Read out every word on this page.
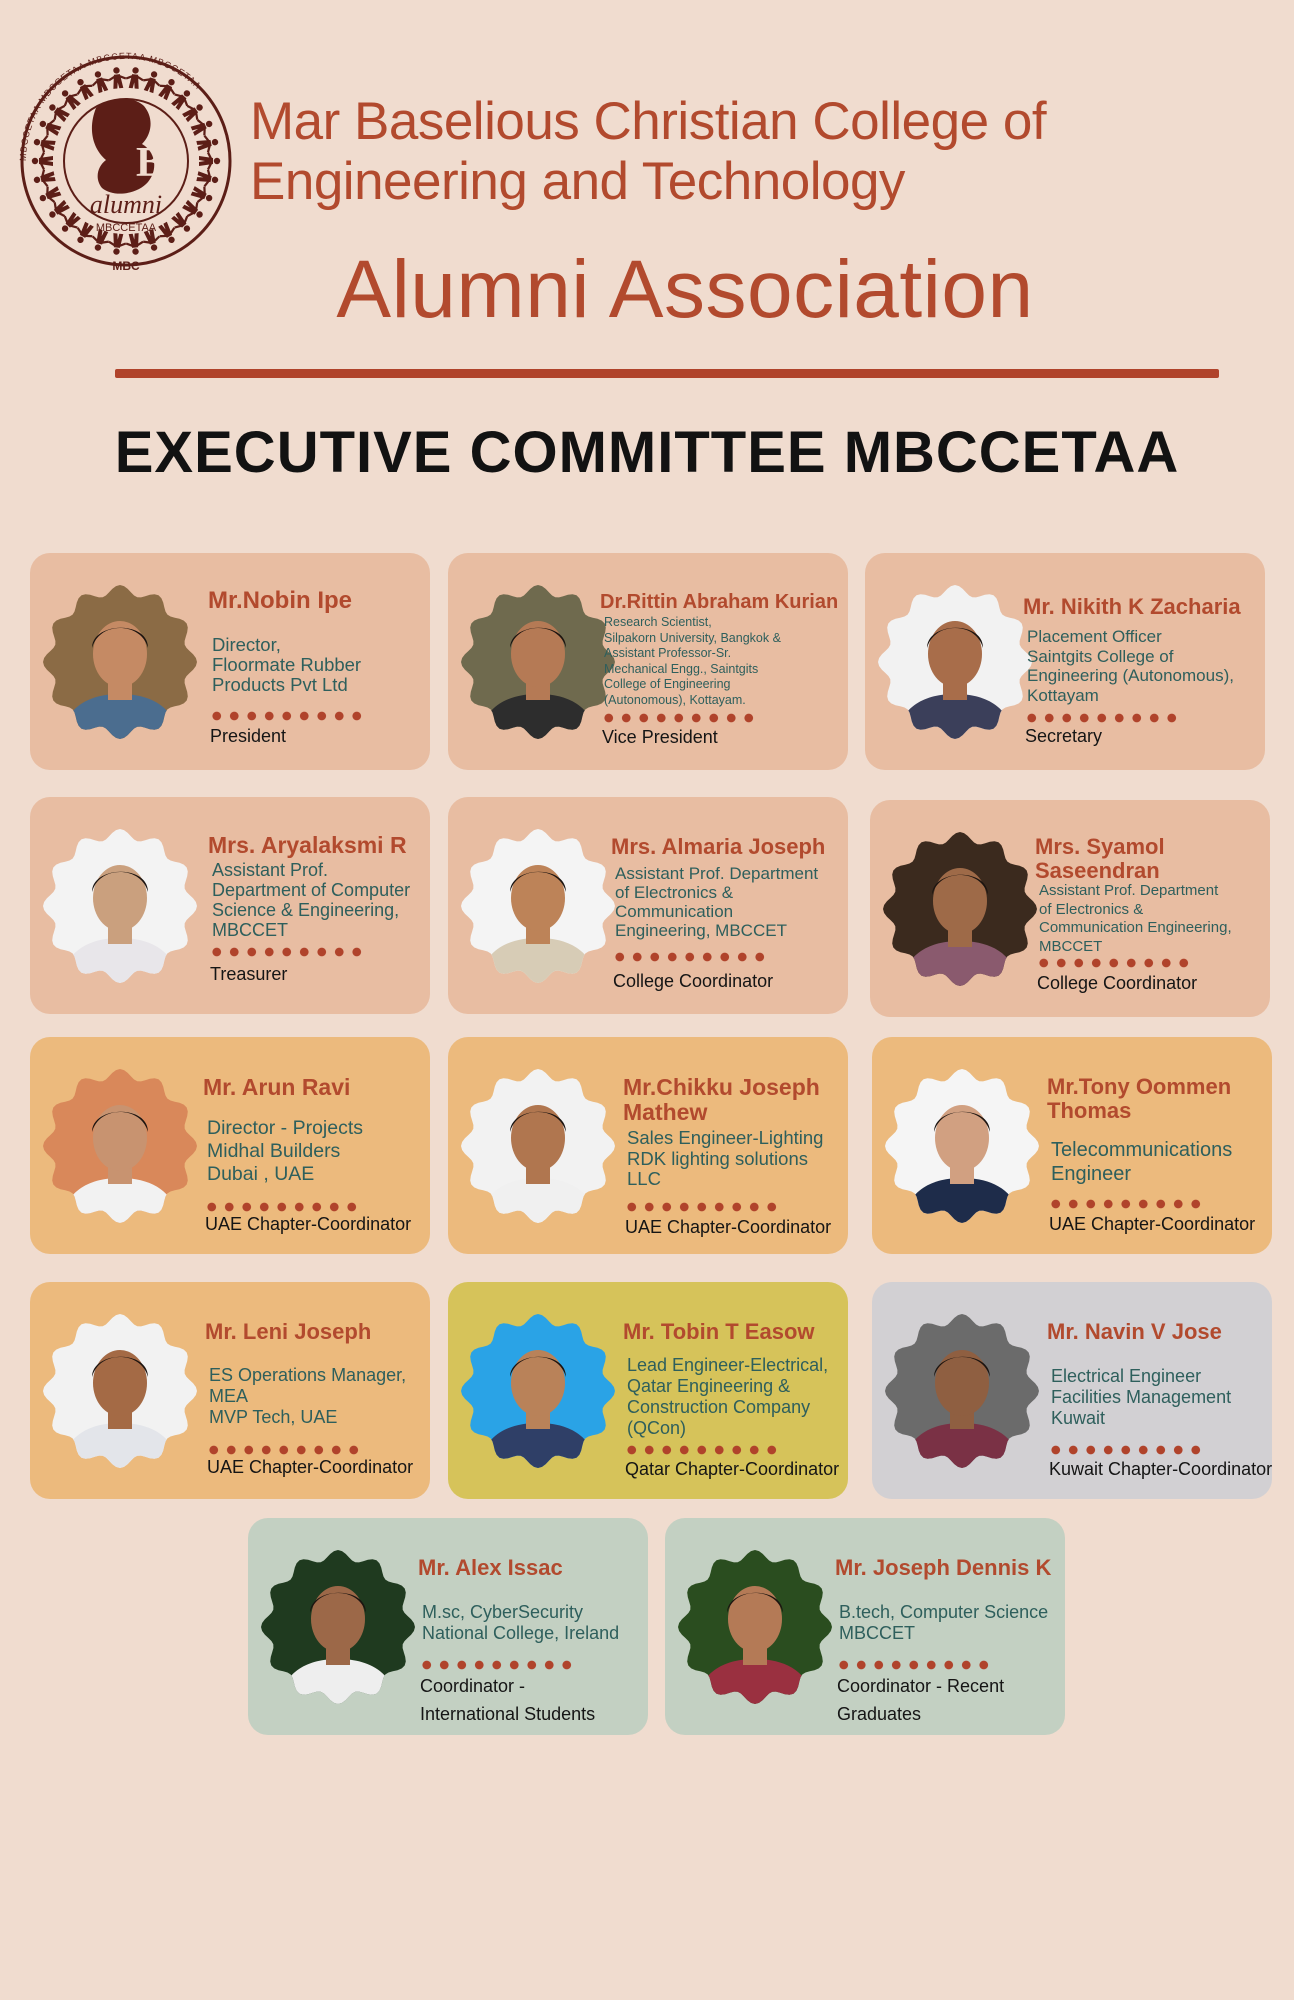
MBCCETAA MBCCETAA MBCCETAA MBCCETAA
B
alumni
MBCCETAA
MBC
Mar Baselious Christian College of
Engineering and Technology
Alumni Association
EXECUTIVE COMMITTEE MBCCETAA
Mr.Nobin Ipe
Director,
Floormate Rubber
Products Pvt Ltd
President
Dr.Rittin Abraham Kurian
Research Scientist,
Silpakorn University, Bangkok &
Assistant Professor-Sr.
Mechanical Engg., Saintgits
College of Engineering
(Autonomous), Kottayam.
Vice President
Mr. Nikith K Zacharia
Placement Officer
Saintgits College of
Engineering (Autonomous),
Kottayam
Secretary
Mrs. Aryalaksmi R
Assistant Prof.
Department of Computer
Science & Engineering,
MBCCET
Treasurer
Mrs. Almaria Joseph
Assistant Prof. Department
of Electronics &
Communication
Engineering, MBCCET
College Coordinator
Mrs. Syamol
Saseendran
Assistant Prof. Department
of Electronics &
Communication Engineering,
MBCCET
College Coordinator
Mr. Arun Ravi
Director - Projects
Midhal Builders
Dubai , UAE
UAE Chapter-Coordinator
Mr.Chikku Joseph
Mathew
Sales Engineer-Lighting
RDK lighting solutions
LLC
UAE Chapter-Coordinator
Mr.Tony Oommen
Thomas
Telecommunications
Engineer
UAE Chapter-Coordinator
Mr. Leni Joseph
ES Operations Manager,
MEA
MVP Tech, UAE
UAE Chapter-Coordinator
Mr. Tobin T Easow
Lead Engineer-Electrical,
Qatar Engineering &
Construction Company
(QCon)
Qatar Chapter-Coordinator
Mr. Navin V Jose
Electrical Engineer
Facilities Management
Kuwait
Kuwait Chapter-Coordinator
Mr. Alex Issac
M.sc, CyberSecurity
National College, Ireland
Coordinator -
International Students
Mr. Joseph Dennis K
B.tech, Computer Science
MBCCET
Coordinator - Recent
Graduates
